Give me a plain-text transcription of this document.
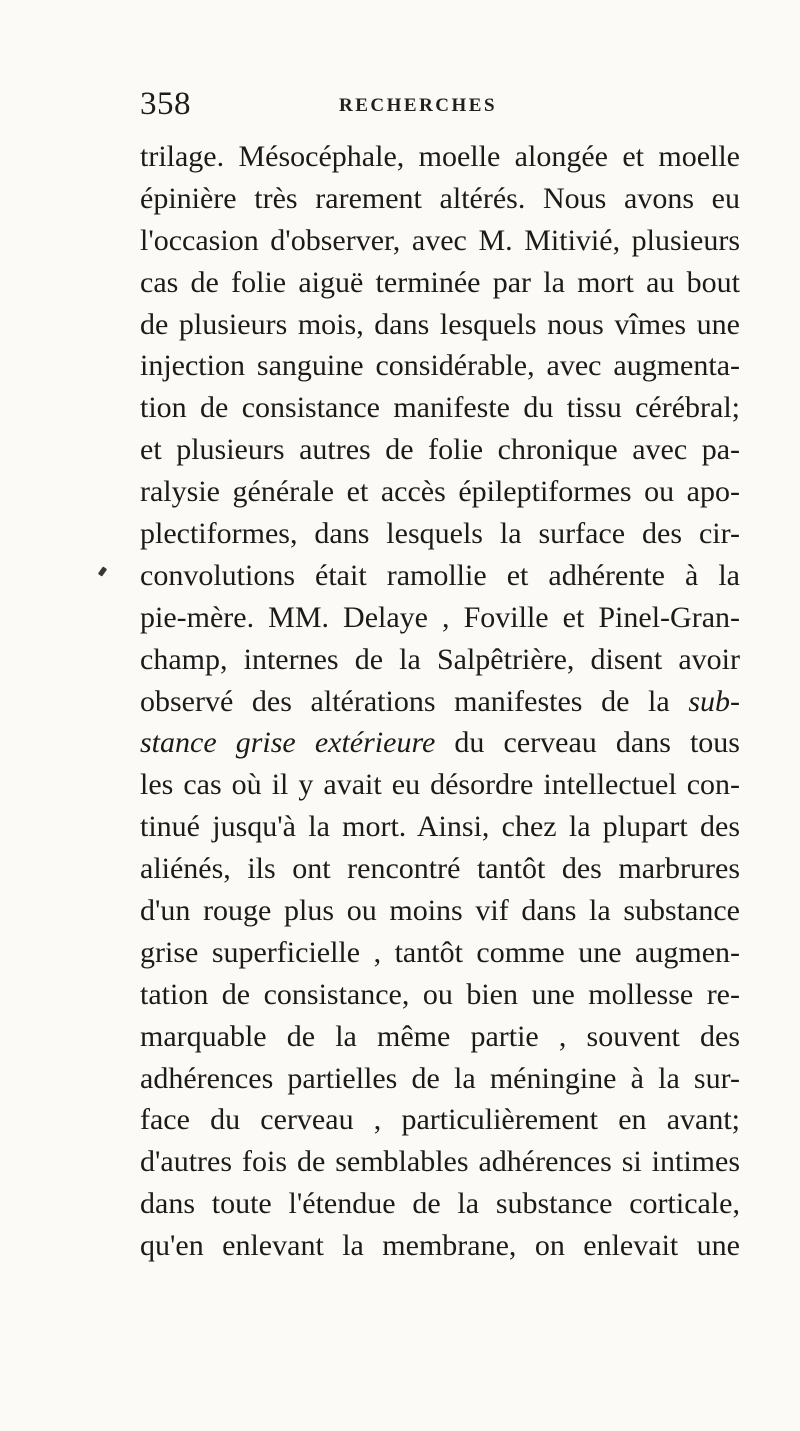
358	RECHERCHES
trilage. Mésocéphale, moelle alongée et moelle
épinière très rarement altérés. Nous avons eu
l'occasion d'observer, avec M. Mitivié, plusieurs
cas de folie aiguë terminée par la mort au bout
de plusieurs mois, dans lesquels nous vîmes une
injection sanguine considérable, avec augmenta-
tion de consistance manifeste du tissu cérébral;
et plusieurs autres de folie chronique avec pa-
ralysie générale et accès épileptiformes ou apo-
plectiformes, dans lesquels la surface des cir-
convolutions était ramollie et adhérente à la
pie-mère. MM. Delaye , Foville et Pinel-Gran-
champ, internes de la Salpêtrière, disent avoir
observé des altérations manifestes de la sub-
stance grise extérieure du cerveau dans tous
les cas où il y avait eu désordre intellectuel con-
tinué jusqu'à la mort. Ainsi, chez la plupart des
aliénés, ils ont rencontré tantôt des marbrures
d'un rouge plus ou moins vif dans la substance
grise superficielle , tantôt comme une augmen-
tation de consistance, ou bien une mollesse re-
marquable de la même partie , souvent des
adhérences partielles de la méningine à la sur-
face du cerveau , particulièrement en avant;
d'autres fois de semblables adhérences si intimes
dans toute l'étendue de la substance corticale,
qu'en enlevant la membrane, on enlevait une
